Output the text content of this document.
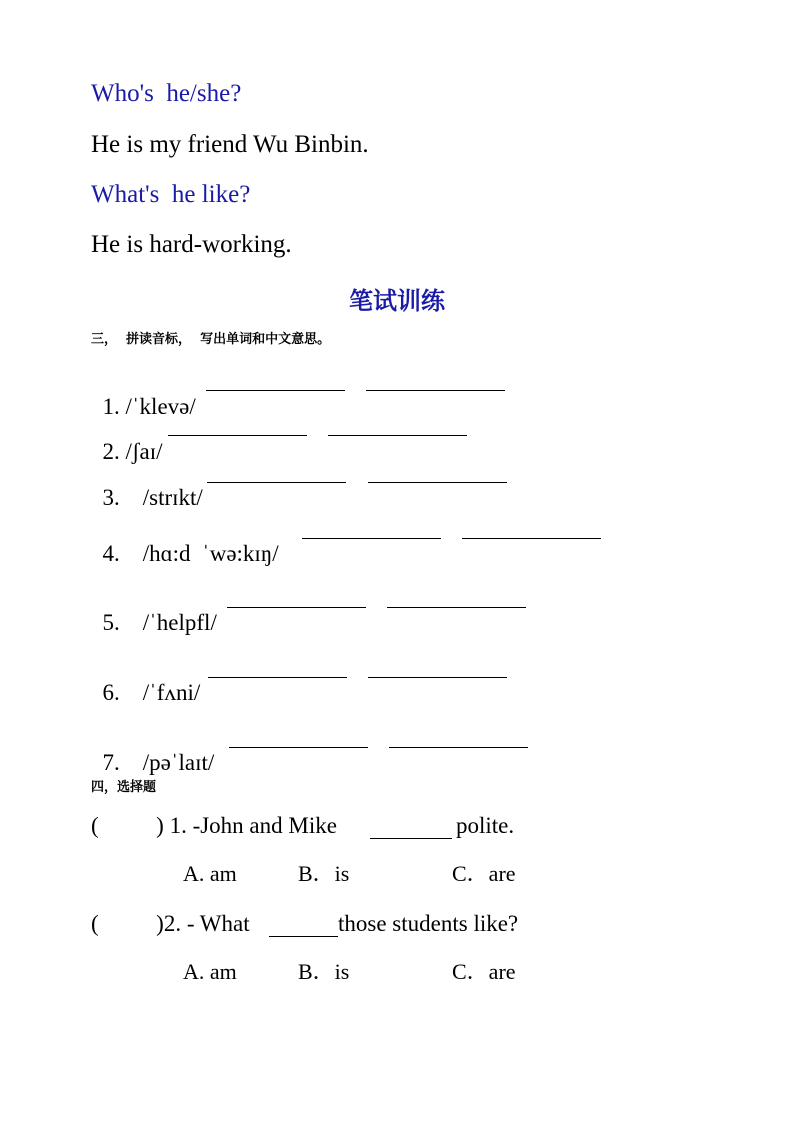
Who's  he/she?
He is my friend Wu Binbin.
What's  he like?
He is hard-working.
笔试训练
三，  拼读音标，  写出单词和中文意思。

1. /ˈklevə/

2. /ʃaɪ/

3. /strɪkt/

4. /hɑ:d  ˈwə:kɪŋ/

5. /ˈhelpfl/

6. /ˈfʌni/

7. /pəˈlaɪt/

四，选择题
(          ) 1. -John and Mike	polite.
A. am	B．is	C．are
(          )2. - What	those students like?
A. am	B．is	C．are
